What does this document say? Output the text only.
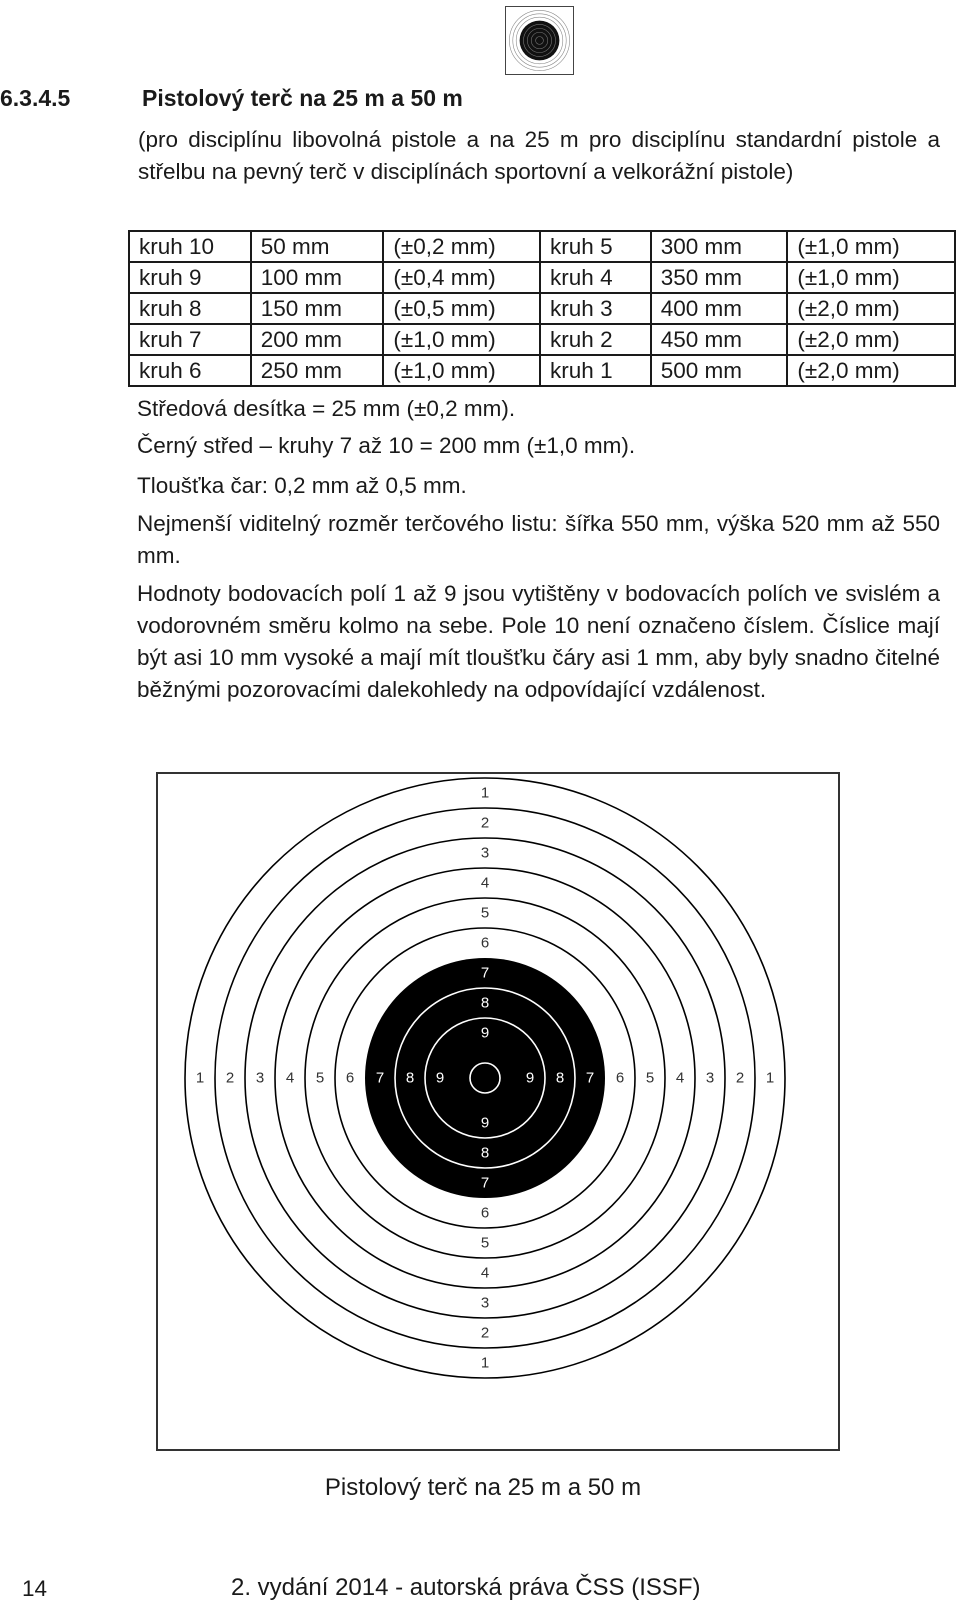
6.3.4.5	Pistolový terč na 25 m a 50 m
(pro disciplínu libovolná pistole a na 25 m pro disciplínu standardní pistole a střelbu na pevný terč v disciplínách sportovní a velkorážní pistole)
kruh 10	50 mm	(±0,2 mm)	kruh 5	300 mm	(±1,0 mm)
kruh 9	100 mm	(±0,4 mm)	kruh 4	350 mm	(±1,0 mm)
kruh 8	150 mm	(±0,5 mm)	kruh 3	400 mm	(±2,0 mm)
kruh 7	200 mm	(±1,0 mm)	kruh 2	450 mm	(±2,0 mm)
kruh 6	250 mm	(±1,0 mm)	kruh 1	500 mm	(±2,0 mm)
Středová desítka = 25 mm (±0,2 mm).
Černý střed – kruhy 7 až 10 = 200 mm (±1,0 mm).
Tloušťka čar: 0,2 mm až 0,5 mm.
Nejmenší viditelný rozměr terčového listu: šířka 550 mm, výška 520 mm až 550 mm.
Hodnoty bodovacích polí 1 až 9 jsou vytištěny v bodovacích polích ve svislém a vodorovném směru kolmo na sebe. Pole 10 není označeno číslem. Číslice mají být asi 10 mm vysoké a mají mít tloušťku čáry asi 1 mm, aby byly snadno čitelné běžnými pozorovacími dalekohledy na odpovídající vzdálenost.
1
1
1	1
2
2
2	2
3
3
3	3
4
4
4	4
5
5
5	5
6
6
6	6
7
7
7	7
8
8
8	8
9
9
9	9
Pistolový terč na 25 m a 50 m
14	2. vydání 2014 - autorská práva ČSS (ISSF)
